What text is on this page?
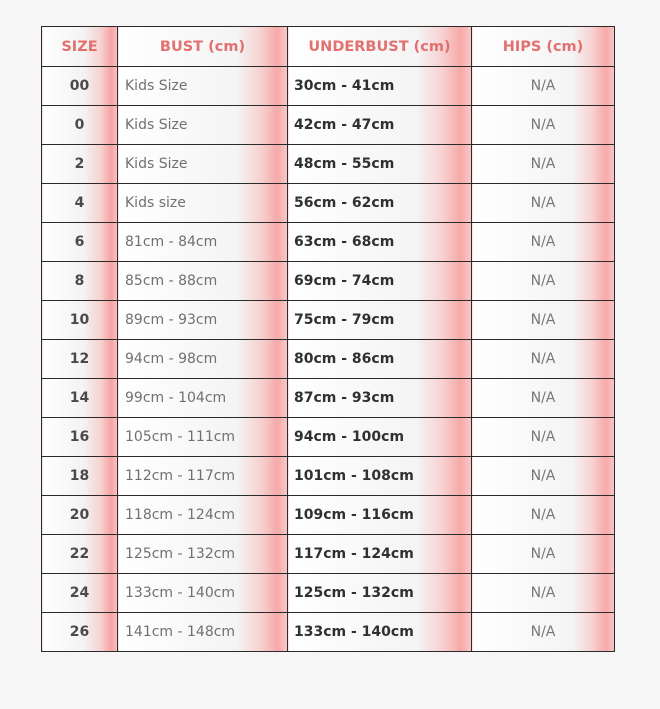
SIZE	BUST (cm)	UNDERBUST (cm)	HIPS (cm)
00	Kids Size	30cm - 41cm	N/A
0	Kids Size	42cm - 47cm	N/A
2	Kids Size	48cm - 55cm	N/A
4	Kids size	56cm - 62cm	N/A
6	81cm - 84cm	63cm - 68cm	N/A
8	85cm - 88cm	69cm - 74cm	N/A
10	89cm - 93cm	75cm - 79cm	N/A
12	94cm - 98cm	80cm - 86cm	N/A
14	99cm - 104cm	87cm - 93cm	N/A
16	105cm - 111cm	94cm - 100cm	N/A
18	112cm - 117cm	101cm - 108cm	N/A
20	118cm - 124cm	109cm - 116cm	N/A
22	125cm - 132cm	117cm - 124cm	N/A
24	133cm - 140cm	125cm - 132cm	N/A
26	141cm - 148cm	133cm - 140cm	N/A
